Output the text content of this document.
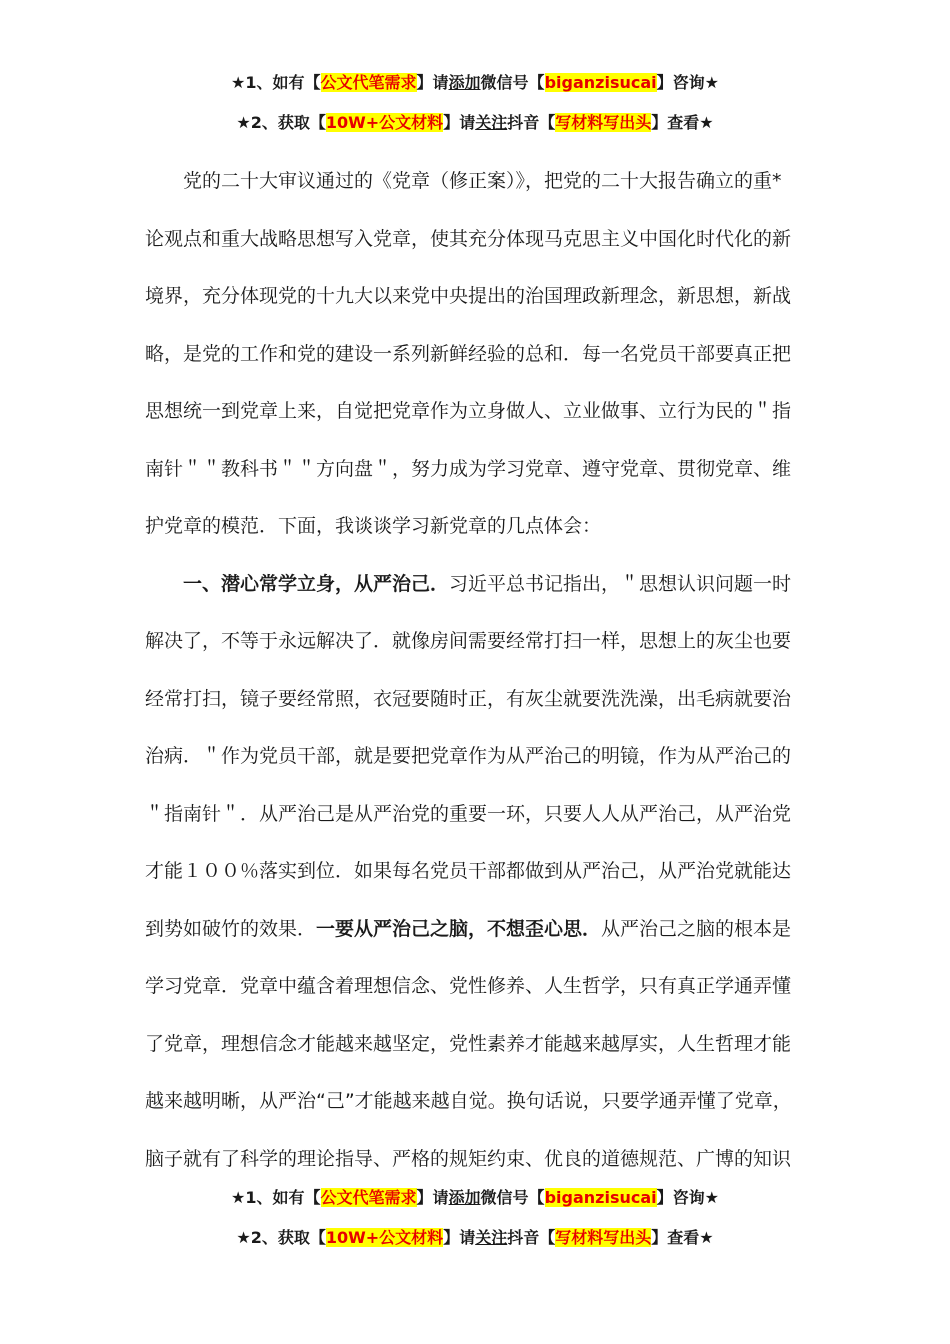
★1、如有【公文代笔需求】请添加微信号【biganzisucai】咨询★
★2、获取【10W+公文材料】请关注抖音【写材料写出头】查看★
　　党的二十大审议通过的《党章（修正案）》，把党的二十大报告确立的重*
论观点和重大战略思想写入党章，使其充分体现马克思主义中国化时代化的新
境界，充分体现党的十九大以来党中央提出的治国理政新理念，新思想，新战
略，是党的工作和党的建设一系列新鲜经验的总和．每一名党员干部要真正把
思想统一到党章上来，自觉把党章作为立身做人、立业做事、立行为民的＂指
南针＂＂教科书＂＂方向盘＂，努力成为学习党章、遵守党章、贯彻党章、维
护党章的模范．下面，我谈谈学习新党章的几点体会：
　　一、潜心常学立身，从严治己．习近平总书记指出，＂思想认识问题一时
解决了，不等于永远解决了．就像房间需要经常打扫一样，思想上的灰尘也要
经常打扫，镜子要经常照，衣冠要随时正，有灰尘就要洗洗澡，出毛病就要治
治病．＂作为党员干部，就是要把党章作为从严治己的明镜，作为从严治己的
＂指南针＂．从严治己是从严治党的重要一环，只要人人从严治己，从严治党
才能１００％落实到位．如果每名党员干部都做到从严治己，从严治党就能达
到势如破竹的效果．一要从严治己之脑，不想歪心思．从严治己之脑的根本是
学习党章．党章中蕴含着理想信念、党性修养、人生哲学，只有真正学通弄懂
了党章，理想信念才能越来越坚定，党性素养才能越来越厚实，人生哲理才能
越来越明晰，从严治“己”才能越来越自觉。换句话说，只要学通弄懂了党章，
脑子就有了科学的理论指导、严格的规矩约束、优良的道德规范、广博的知识
★1、如有【公文代笔需求】请添加微信号【biganzisucai】咨询★
★2、获取【10W+公文材料】请关注抖音【写材料写出头】查看★
